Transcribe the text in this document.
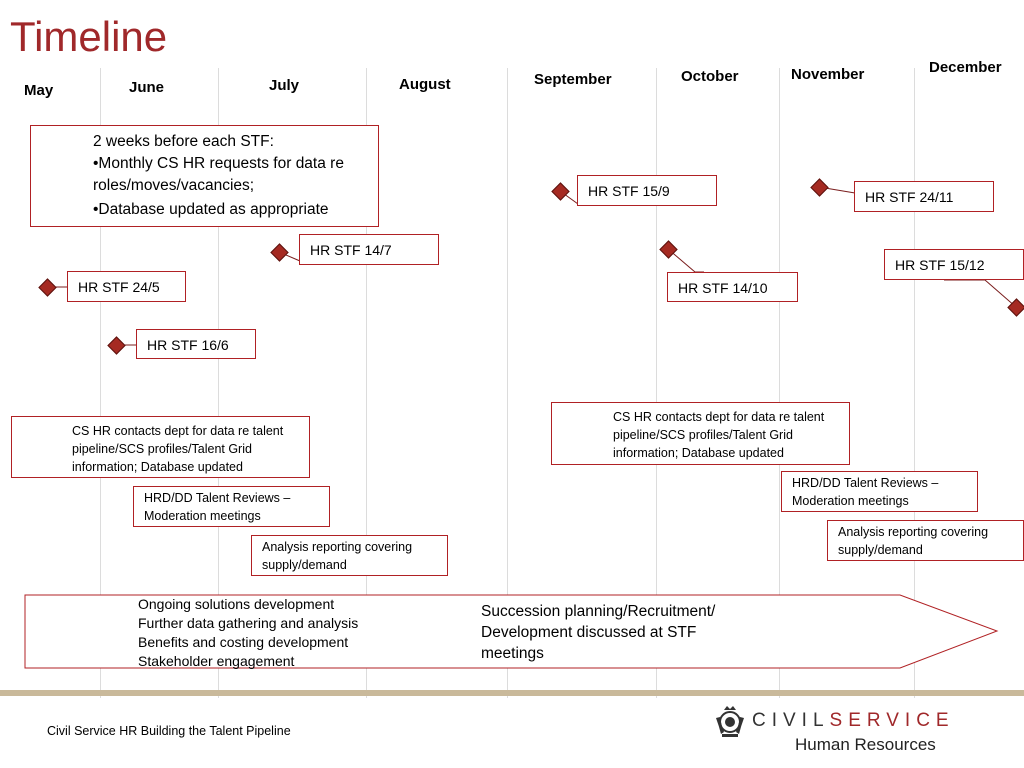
Timeline
May	June	July	August	September	October	November	December

2 weeks before each STF:

•Monthly CS HR requests for data re roles/moves/vacancies;

•Database updated as appropriate

HR STF 24/5
HR STF 16/6
HR STF 14/7
HR STF 15/9
HR STF 14/10
HR STF 24/11
HR STF 15/12
CS HR contacts dept for data re talent pipeline/SCS profiles/Talent Grid information; Database updated
HRD/DD Talent Reviews – Moderation meetings
Analysis reporting covering supply/demand
CS HR contacts dept for data re talent pipeline/SCS profiles/Talent Grid information; Database updated
HRD/DD Talent Reviews – Moderation meetings
Analysis reporting covering supply/demand
Ongoing solutions development
Further data gathering and analysis
Benefits and costing development
Stakeholder engagement
Succession planning/Recruitment/ Development discussed at STF meetings
Civil Service HR Building the Talent Pipeline	CIVILSERVICE
Human Resources
